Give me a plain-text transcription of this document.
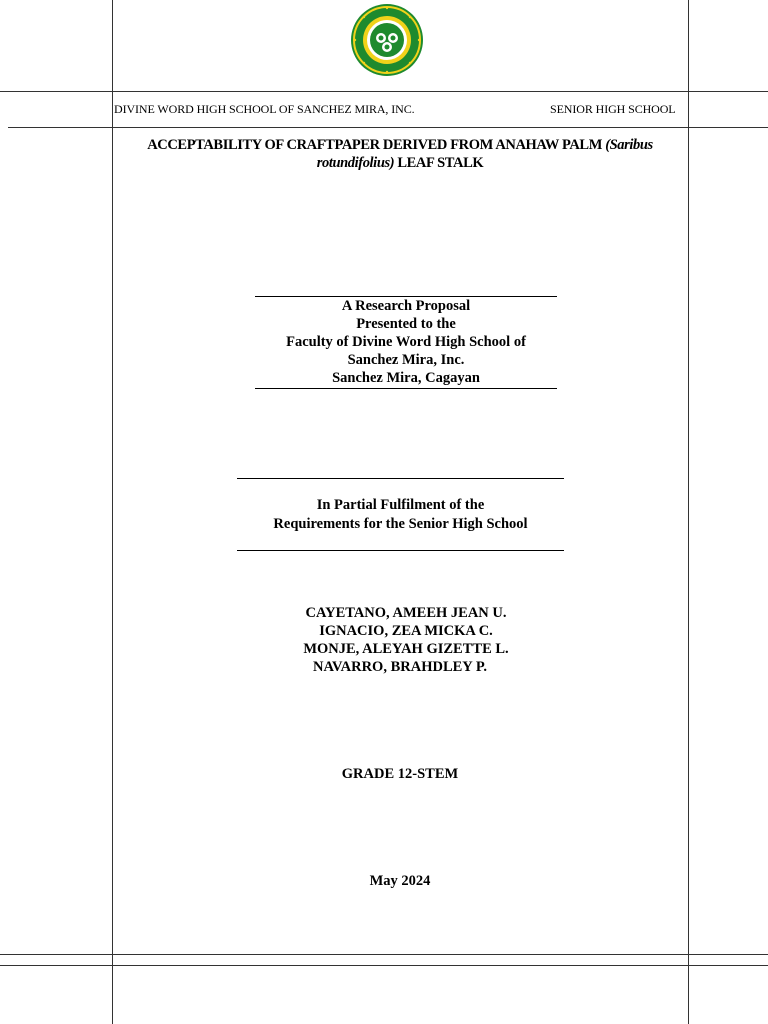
DIVINE WORD HIGH SCHOOL OF SANCHEZ MIRA, INC.	SENIOR HIGH SCHOOL
ACCEPTABILITY OF CRAFTPAPER DERIVED FROM ANAHAW PALM (Saribus rotundifolius) LEAF STALK
A Research Proposal
Presented to the
Faculty of Divine Word High School of
Sanchez Mira, Inc.
Sanchez Mira, Cagayan
In Partial Fulfilment of the
Requirements for the Senior High School
CAYETANO, AMEEH JEAN U.
IGNACIO, ZEA MICKA C.
MONJE, ALEYAH GIZETTE L.
NAVARRO, BRAHDLEY P.
GRADE 12-STEM
May 2024
